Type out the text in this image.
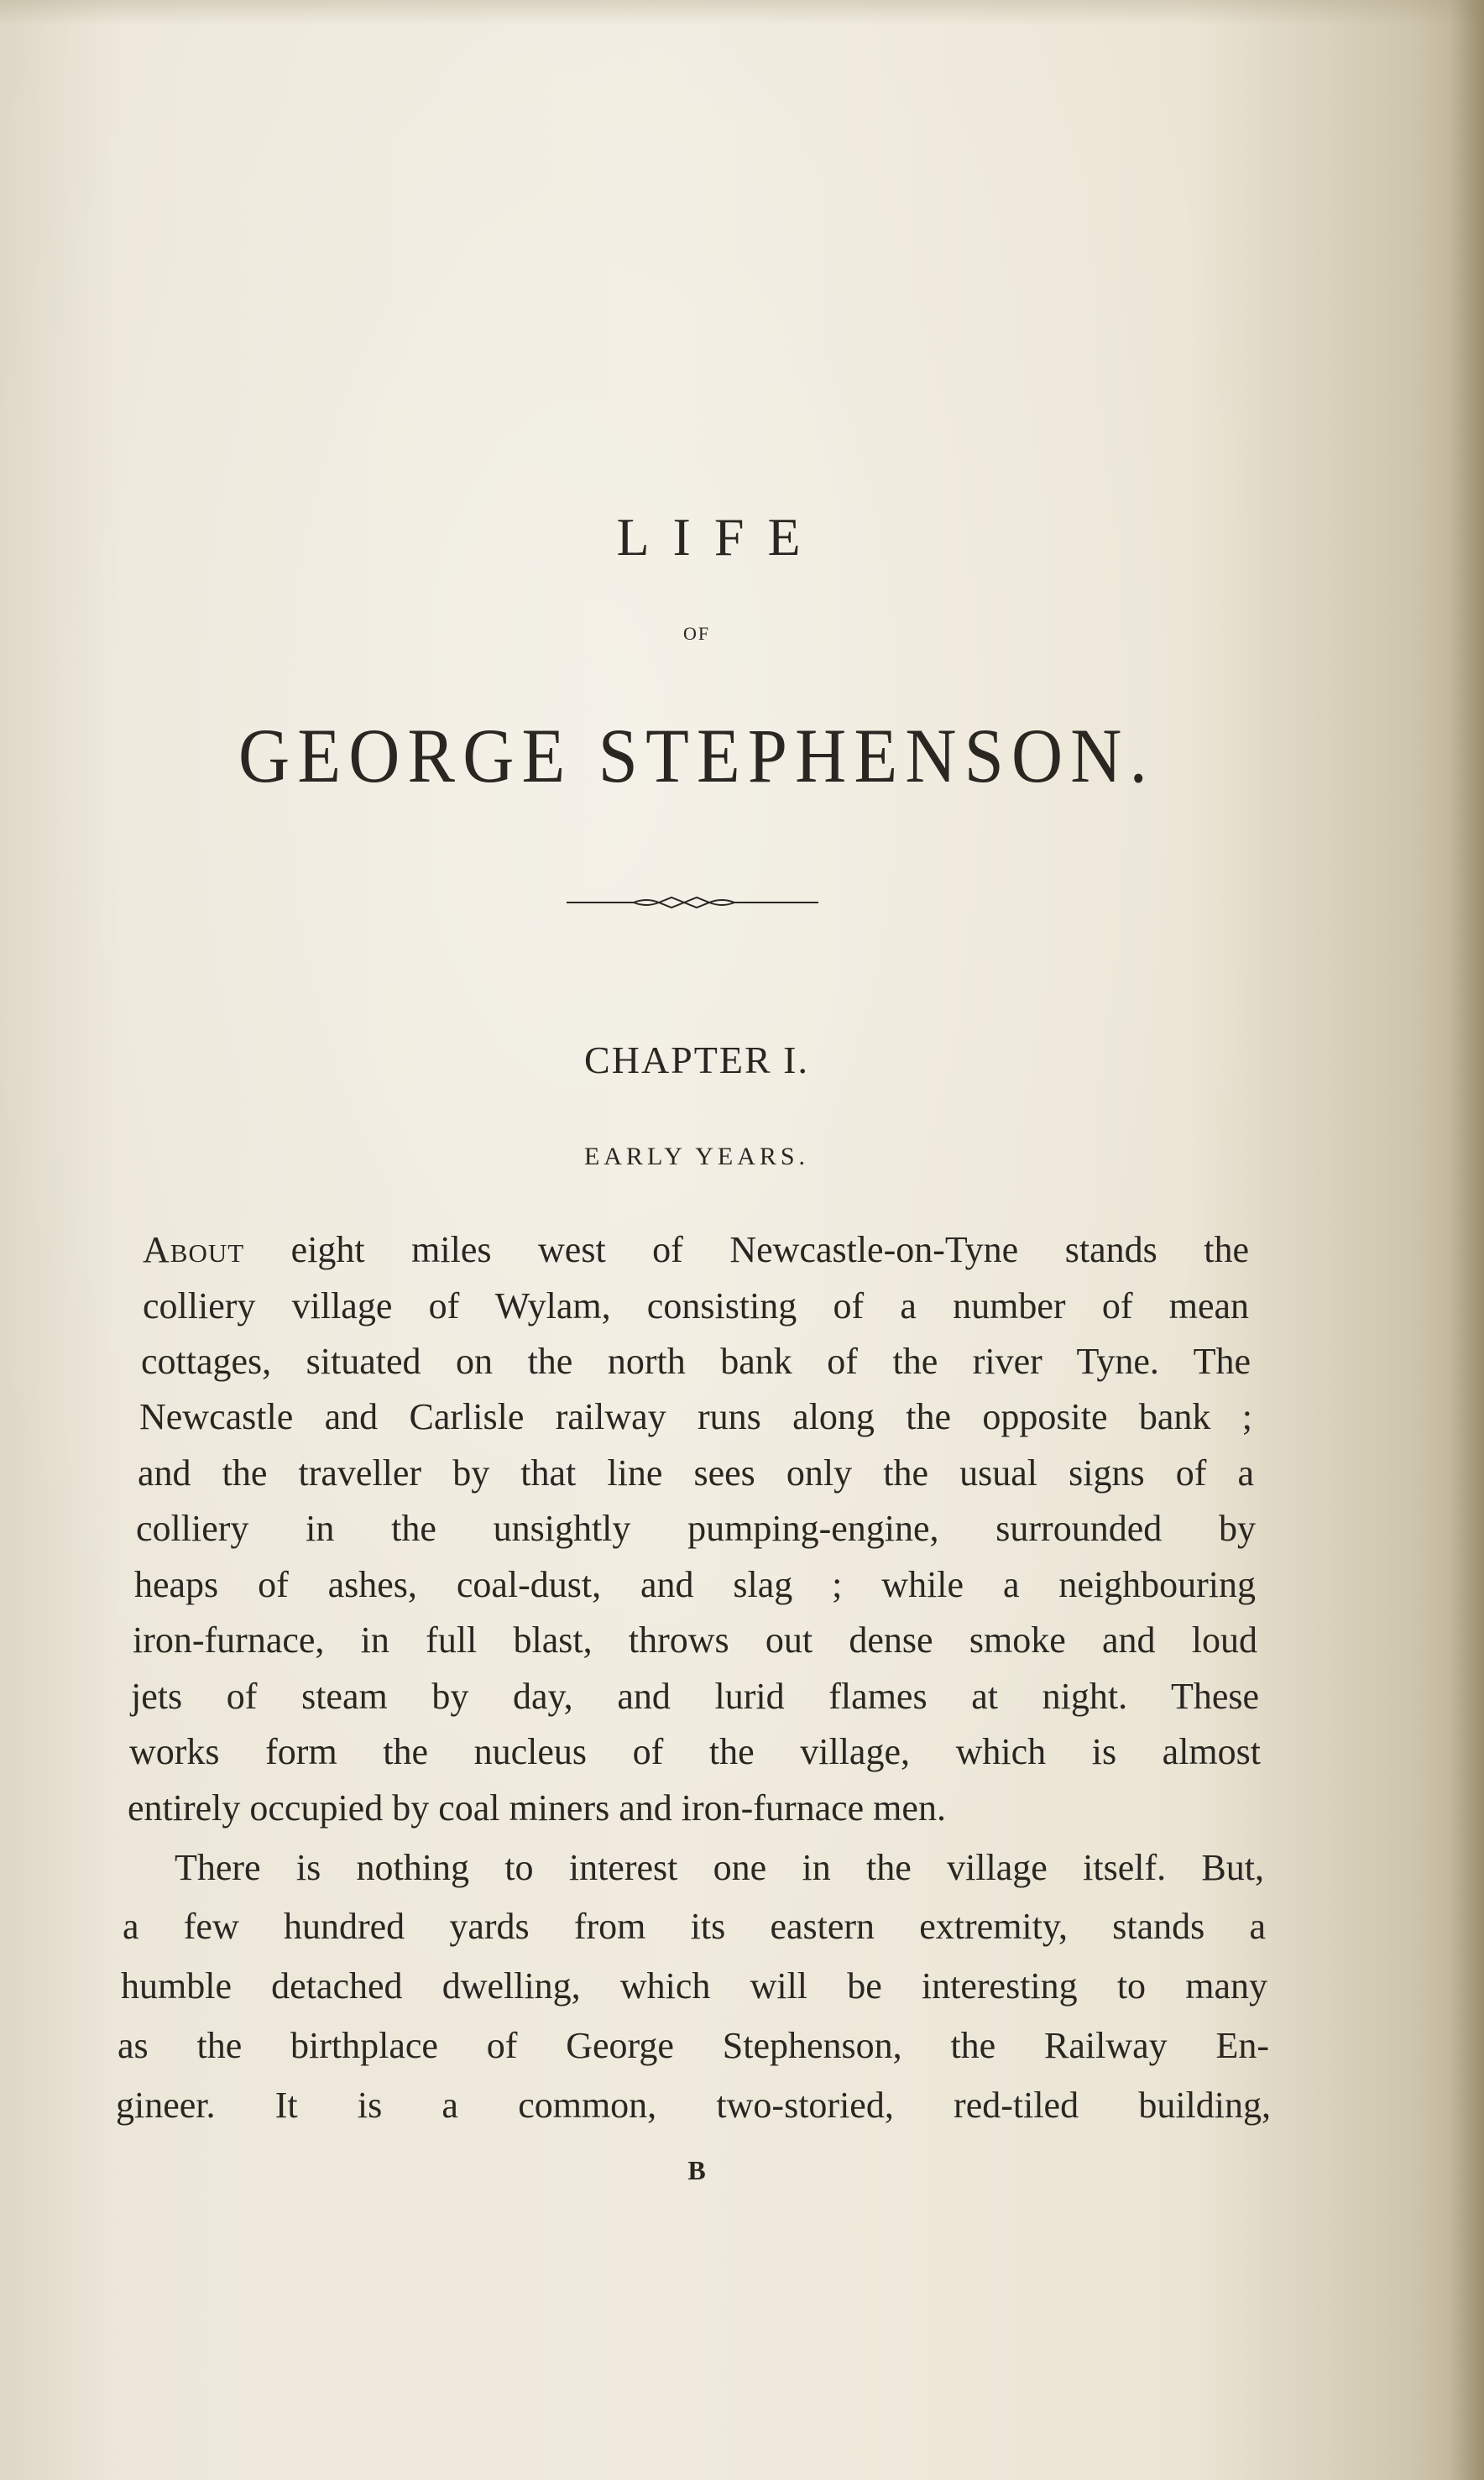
LIFE
OF
GEORGE STEPHENSON.
CHAPTER I.
EARLY YEARS.
About eight miles west of Newcastle-on-Tyne stands the
colliery village of Wylam, consisting of a number of mean
cottages, situated on the north bank of the river Tyne. The
Newcastle and Carlisle railway runs along the opposite bank ;
and the traveller by that line sees only the usual signs of a
colliery in the unsightly pumping-engine, surrounded by
heaps of ashes, coal-dust, and slag ; while a neighbouring
iron-furnace, in full blast, throws out dense smoke and loud
jets of steam by day, and lurid flames at night. These
works form the nucleus of the village, which is almost
entirely occupied by coal miners and iron-furnace men.
There is nothing to interest one in the village itself. But,
a few hundred yards from its eastern extremity, stands a
humble detached dwelling, which will be interesting to many
as the birthplace of George Stephenson, the Railway En-
gineer. It is a common, two-storied, red-tiled building,
B
